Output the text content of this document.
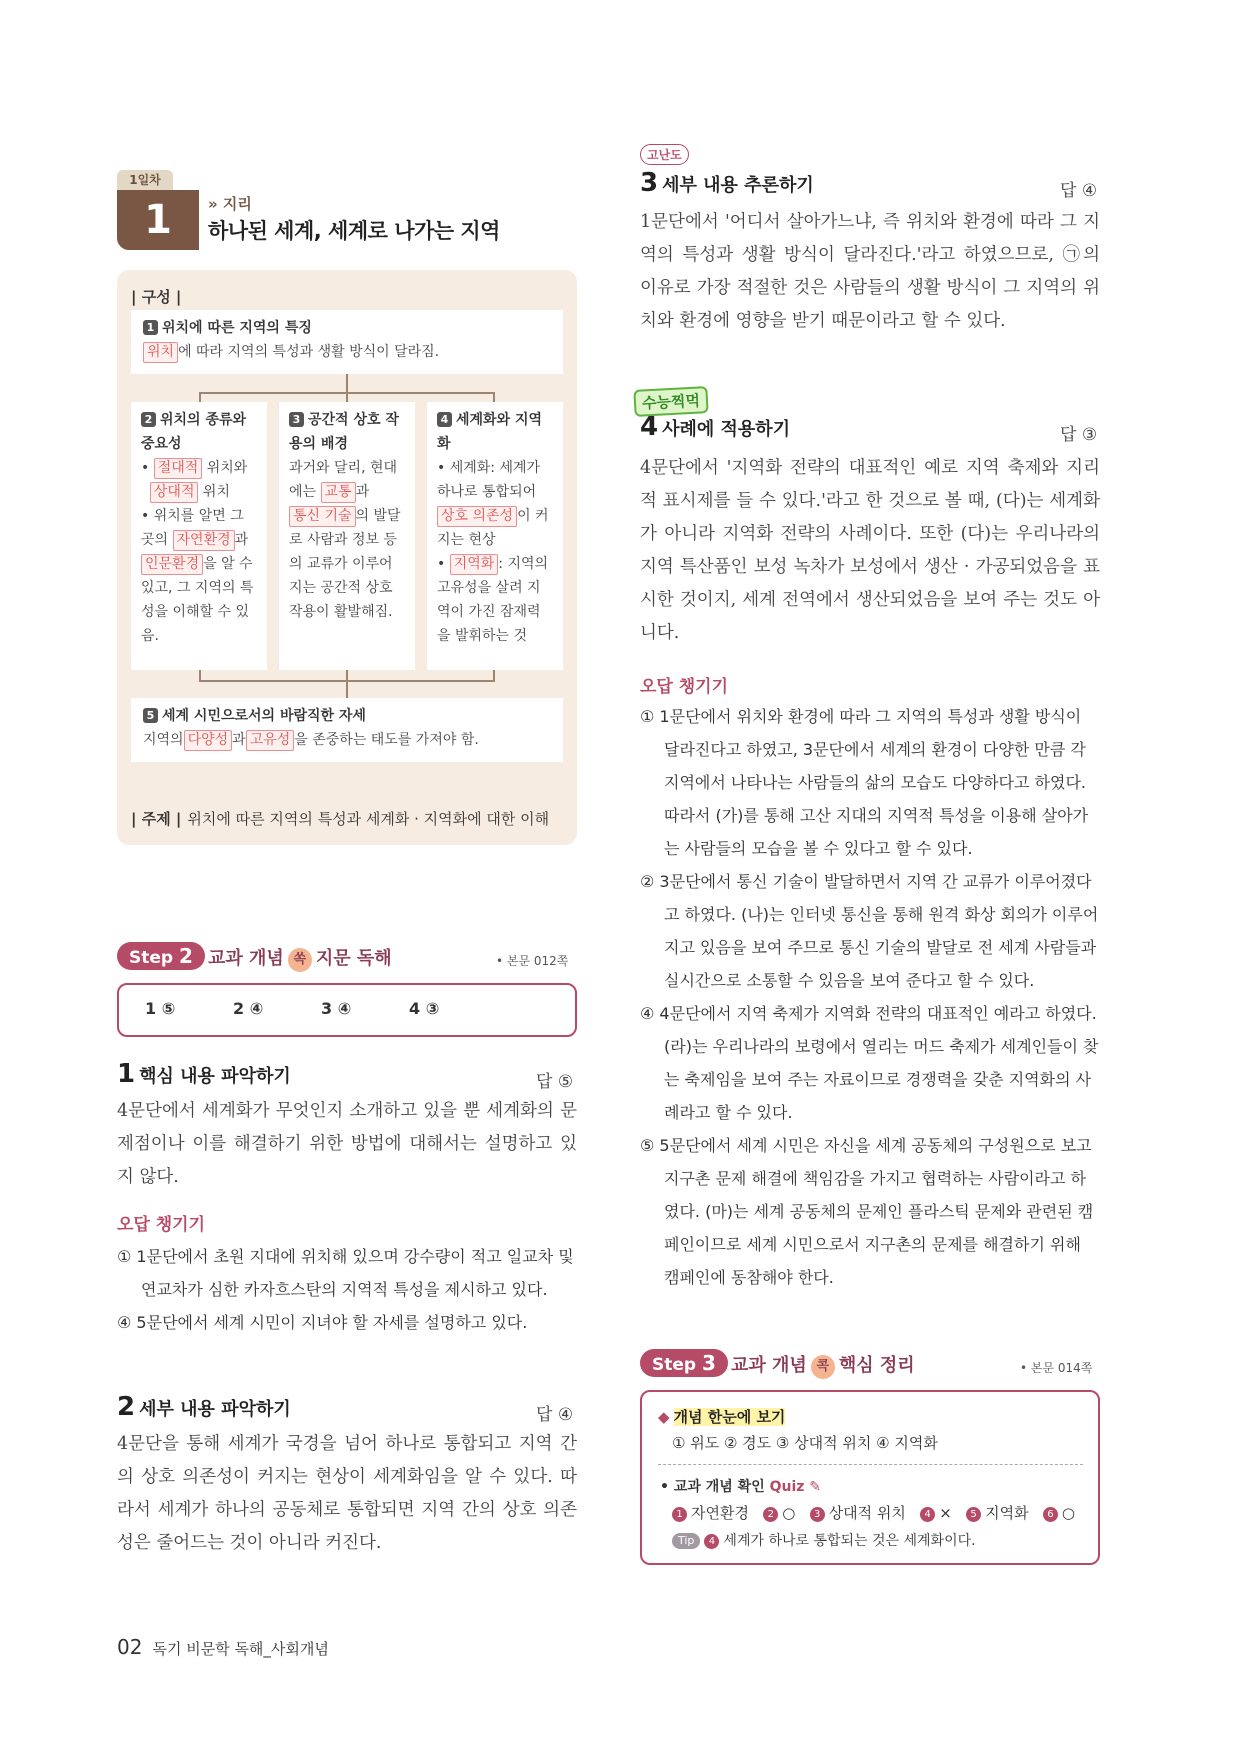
1일차
1	» 지리
하나된 세계, 세계로 나가는 지역
| 구성 |
1 위치에 따른 지역의 특징
위치 에 따라 지역의 특성과 생활 방식이 달라짐.
2 위치의 종류와 중요성
• 절대적 위치와
상대적 위치
• 위치를 알면 그곳의 자연환경 과 인문환경 을 알 수 있고, 그 지역의 특성을 이해할 수 있음.
3 공간적 상호 작용의 배경
과거와 달리, 현대에는 교통 과 통신 기술 의 발달로 사람과 정보 등의 교류가 이루어지는 공간적 상호 작용이 활발해짐.
4 세계화와 지역화
• 세계화: 세계가 하나로 통합되어 상호 의존성 이 커지는 현상
• 지역화 : 지역의 고유성을 살려 지역이 가진 잠재력을 발휘하는 것
5 세계 시민으로서의 바람직한 자세
지역의 다양성 과 고유성 을 존중하는 태도를 가져야 함.
| 주제 | 위치에 따른 지역의 특성과 세계화 · 지역화에 대한 이해
Step 2 교과 개념 쏙 지문 독해	• 본문 012쪽
1 ⑤	2 ④	3 ④	4 ③
1 핵심 내용 파악하기	답 ⑤
4문단에서 세계화가 무엇인지 소개하고 있을 뿐 세계화의 문제점이나 이를 해결하기 위한 방법에 대해서는 설명하고 있지 않다.
오답 챙기기
① 1문단에서 초원 지대에 위치해 있으며 강수량이 적고 일교차 및 연교차가 심한 카자흐스탄의 지역적 특성을 제시하고 있다.
④ 5문단에서 세계 시민이 지녀야 할 자세를 설명하고 있다.
2 세부 내용 파악하기	답 ④
4문단을 통해 세계가 국경을 넘어 하나로 통합되고 지역 간의 상호 의존성이 커지는 현상이 세계화임을 알 수 있다. 따라서 세계가 하나의 공동체로 통합되면 지역 간의 상호 의존성은 줄어드는 것이 아니라 커진다.
고난도
3 세부 내용 추론하기	답 ④
1문단에서 '어디서 살아가느냐, 즉 위치와 환경에 따라 그 지역의 특성과 생활 방식이 달라진다.'라고 하였으므로, ㉠의 이유로 가장 적절한 것은 사람들의 생활 방식이 그 지역의 위치와 환경에 영향을 받기 때문이라고 할 수 있다.
수능찍먹
4 사례에 적용하기	답 ③
4문단에서 '지역화 전략의 대표적인 예로 지역 축제와 지리적 표시제를 들 수 있다.'라고 한 것으로 볼 때, (다)는 세계화가 아니라 지역화 전략의 사례이다. 또한 (다)는 우리나라의 지역 특산품인 보성 녹차가 보성에서 생산 · 가공되었음을 표시한 것이지, 세계 전역에서 생산되었음을 보여 주는 것도 아니다.
오답 챙기기
① 1문단에서 위치와 환경에 따라 그 지역의 특성과 생활 방식이 달라진다고 하였고, 3문단에서 세계의 환경이 다양한 만큼 각 지역에서 나타나는 사람들의 삶의 모습도 다양하다고 하였다. 따라서 (가)를 통해 고산 지대의 지역적 특성을 이용해 살아가는 사람들의 모습을 볼 수 있다고 할 수 있다.
② 3문단에서 통신 기술이 발달하면서 지역 간 교류가 이루어졌다고 하였다. (나)는 인터넷 통신을 통해 원격 화상 회의가 이루어지고 있음을 보여 주므로 통신 기술의 발달로 전 세계 사람들과 실시간으로 소통할 수 있음을 보여 준다고 할 수 있다.
④ 4문단에서 지역 축제가 지역화 전략의 대표적인 예라고 하였다. (라)는 우리나라의 보령에서 열리는 머드 축제가 세계인들이 찾는 축제임을 보여 주는 자료이므로 경쟁력을 갖춘 지역화의 사례라고 할 수 있다.
⑤ 5문단에서 세계 시민은 자신을 세계 공동체의 구성원으로 보고 지구촌 문제 해결에 책임감을 가지고 협력하는 사람이라고 하였다. (마)는 세계 공동체의 문제인 플라스틱 문제와 관련된 캠페인이므로 세계 시민으로서 지구촌의 문제를 해결하기 위해 캠페인에 동참해야 한다.
Step 3 교과 개념 콕 핵심 정리	• 본문 014쪽
◆ 개념 한눈에 보기
① 위도 ② 경도 ③ 상대적 위치 ④ 지역화
• 교과 개념 확인 Quiz ✎
1 자연환경 2 ○ 3 상대적 위치 4 × 5 지역화 6 ○
Tip 4 세계가 하나로 통합되는 것은 세계화이다.
02 독기 비문학 독해_사회개념
